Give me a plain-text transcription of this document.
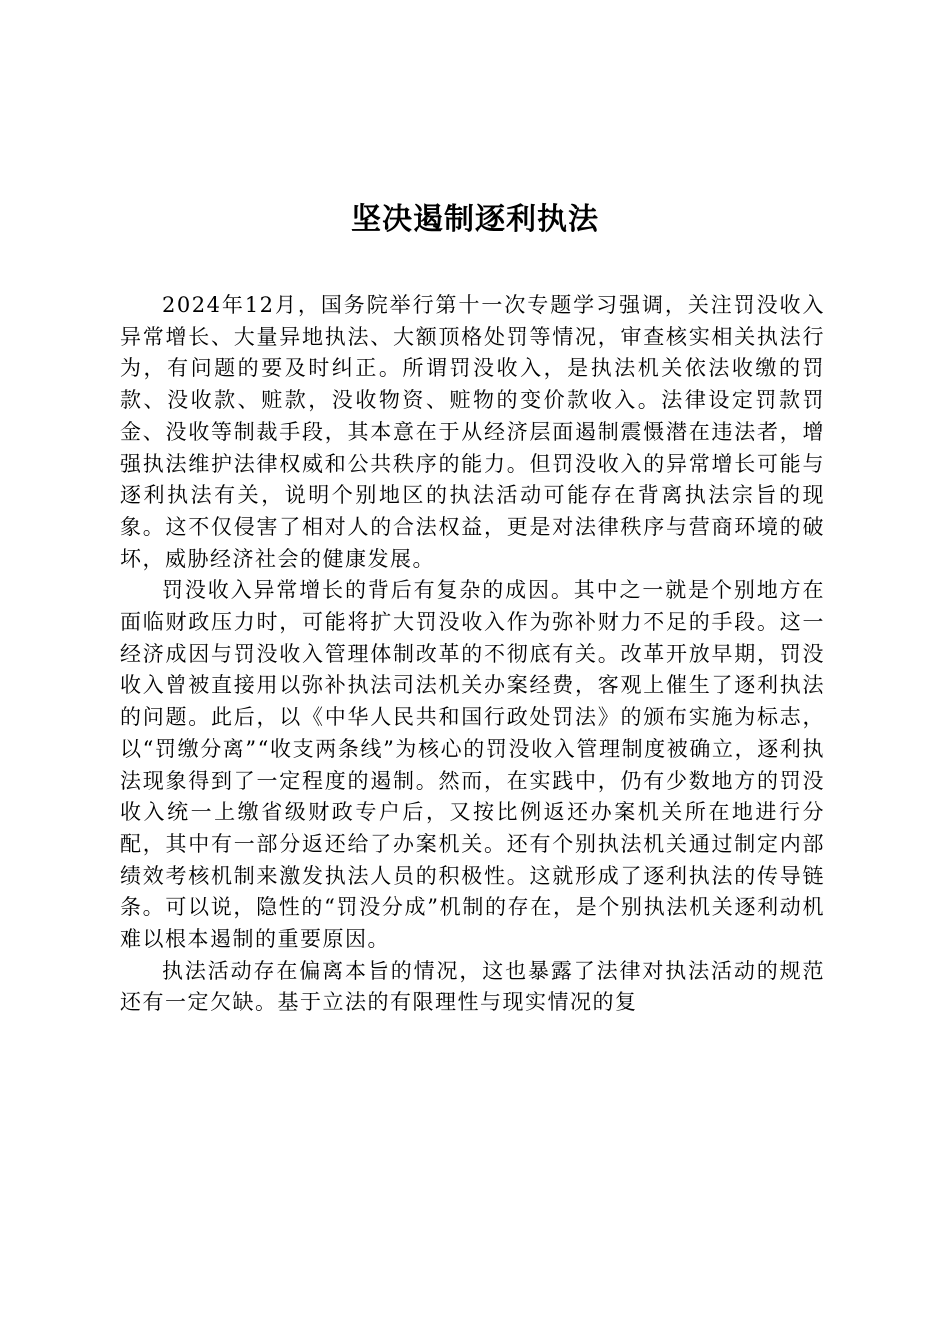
坚决遏制逐利执法

2024年12月，国务院举行第十一次专题学习强调，关注罚没收入异常增长、大量异地执法、大额顶格处罚等情况，审查核实相关执法行为，有问题的要及时纠正。所谓罚没收入，是执法机关依法收缴的罚款、没收款、赃款，没收物资、赃物的变价款收入。法律设定罚款罚金、没收等制裁手段，其本意在于从经济层面遏制震慑潜在违法者，增强执法维护法律权威和公共秩序的能力。但罚没收入的异常增长可能与逐利执法有关，说明个别地区的执法活动可能存在背离执法宗旨的现象。这不仅侵害了相对人的合法权益，更是对法律秩序与营商环境的破坏，威胁经济社会的健康发展。

罚没收入异常增长的背后有复杂的成因。其中之一就是个别地方在面临财政压力时，可能将扩大罚没收入作为弥补财力不足的手段。这一经济成因与罚没收入管理体制改革的不彻底有关。改革开放早期，罚没收入曾被直接用以弥补执法司法机关办案经费，客观上催生了逐利执法的问题。此后，以《中华人民共和国行政处罚法》的颁布实施为标志，以“罚缴分离”“收支两条线”为核心的罚没收入管理制度被确立，逐利执法现象得到了一定程度的遏制。然而，在实践中，仍有少数地方的罚没收入统一上缴省级财政专户后，又按比例返还办案机关所在地进行分配，其中有一部分返还给了办案机关。还有个别执法机关通过制定内部绩效考核机制来激发执法人员的积极性。这就形成了逐利执法的传导链条。可以说，隐性的“罚没分成”机制的存在，是个别执法机关逐利动机难以根本遏制的重要原因。

执法活动存在偏离本旨的情况，这也暴露了法律对执法活动的规范还有一定欠缺。基于立法的有限理性与现实情况的复
